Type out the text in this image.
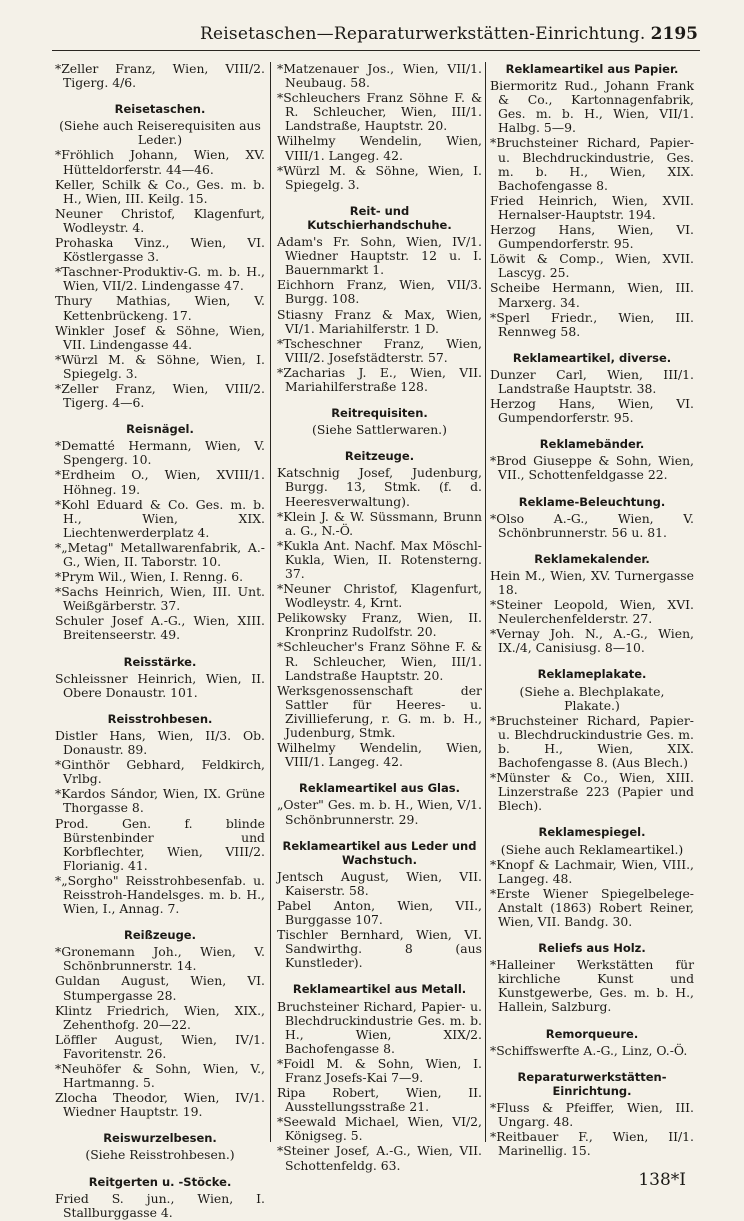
Reisetaschen—Reparaturwerkstätten-Einrichtung. 2195
*Zeller Franz, Wien, VIII/2. Tigerg. 4/6.
Reisetaschen.
(Siehe auch Reiserequisiten aus Leder.)
*Fröhlich Johann, Wien, XV. Hütteldorferstr. 44—46.
Keller, Schilk & Co., Ges. m. b. H., Wien, III. Keilg. 15.
Neuner Christof, Klagenfurt, Wodleystr. 4.
Prohaska Vinz., Wien, VI. Köstlergasse 3.
*Taschner-Produktiv-G. m. b. H., Wien, VII/2. Lindengasse 47.
Thury Mathias, Wien, V. Kettenbrückeng. 17.
Winkler Josef & Söhne, Wien, VII. Lindengasse 44.
*Würzl M. & Söhne, Wien, I. Spiegelg. 3.
*Zeller Franz, Wien, VIII/2. Tigerg. 4—6.
Reisnägel.
*Dematté Hermann, Wien, V. Spengerg. 10.
*Erdheim O., Wien, XVIII/1. Höhneg. 19.
*Kohl Eduard & Co. Ges. m. b. H., Wien, XIX. Liechtenwerderplatz 4.
*„Metag" Metallwarenfabrik, A.-G., Wien, II. Taborstr. 10.
*Prym Wil., Wien, I. Renng. 6.
*Sachs Heinrich, Wien, III. Unt. Weißgärberstr. 37.
Schuler Josef A.-G., Wien, XIII. Breitenseerstr. 49.
Reisstärke.
Schleissner Heinrich, Wien, II. Obere Donaustr. 101.
Reisstrohbesen.
Distler Hans, Wien, II/3. Ob. Donaustr. 89.
*Ginthör Gebhard, Feldkirch, Vrlbg.
*Kardos Sándor, Wien, IX. Grüne Thorgasse 8.
Prod. Gen. f. blinde Bürstenbinder und Korbflechter, Wien, VIII/2. Florianig. 41.
*„Sorgho" Reisstrohbesenfab. u. Reisstroh-Handelsges. m. b. H., Wien, I., Annag. 7.
Reißzeuge.
*Gronemann Joh., Wien, V. Schönbrunnerstr. 14.
Guldan August, Wien, VI. Stumpergasse 28.
Klintz Friedrich, Wien, XIX., Zehenthofg. 20—22.
Löffler August, Wien, IV/1. Favoritenstr. 26.
*Neuhöfer & Sohn, Wien, V., Hartmanng. 5.
Zlocha Theodor, Wien, IV/1. Wiedner Hauptstr. 19.
Reiswurzelbesen.
(Siehe Reisstrohbesen.)
Reitgerten u. -Stöcke.
Fried S. jun., Wien, I. Stallburggasse 4.
*Matzenauer Jos., Wien, VII/1. Neubaug. 58.
*Schleuchers Franz Söhne F. & R. Schleucher, Wien, III/1. Landstraße, Hauptstr. 20.
Wilhelmy Wendelin, Wien, VIII/1. Langeg. 42.
*Würzl M. & Söhne, Wien, I. Spiegelg. 3.
Reit- und Kutschierhandschuhe.
Adam's Fr. Sohn, Wien, IV/1. Wiedner Hauptstr. 12 u. I. Bauernmarkt 1.
Eichhorn Franz, Wien, VII/3. Burgg. 108.
Stiasny Franz & Max, Wien, VI/1. Mariahilferstr. 1 D.
*Tscheschner Franz, Wien, VIII/2. Josefstädterstr. 57.
*Zacharias J. E., Wien, VII. Mariahilferstraße 128.
Reitrequisiten.
(Siehe Sattlerwaren.)
Reitzeuge.
Katschnig Josef, Judenburg, Burgg. 13, Stmk. (f. d. Heeresverwaltung).
*Klein J. & W. Süssmann, Brunn a. G., N.-Ö.
*Kukla Ant. Nachf. Max Möschl-Kukla, Wien, II. Rotensterng. 37.
*Neuner Christof, Klagenfurt, Wodleystr. 4, Krnt.
Pelikowsky Franz, Wien, II. Kronprinz Rudolfstr. 20.
*Schleucher's Franz Söhne F. & R. Schleucher, Wien, III/1. Landstraße Hauptstr. 20.
Werksgenossenschaft der Sattler für Heeres- u. Zivillieferung, r. G. m. b. H., Judenburg, Stmk.
Wilhelmy Wendelin, Wien, VIII/1. Langeg. 42.
Reklameartikel aus Glas.
„Oster" Ges. m. b. H., Wien, V/1. Schönbrunnerstr. 29.
Reklameartikel aus Leder und Wachstuch.
Jentsch August, Wien, VII. Kaiserstr. 58.
Pabel Anton, Wien, VII., Burggasse 107.
Tischler Bernhard, Wien, VI. Sandwirthg. 8 (aus Kunstleder).
Reklameartikel aus Metall.
Bruchsteiner Richard, Papier- u. Blechdruckindustrie Ges. m. b. H., Wien, XIX/2. Bachofengasse 8.
*Foidl M. & Sohn, Wien, I. Franz Josefs-Kai 7—9.
Ripa Robert, Wien, II. Ausstellungsstraße 21.
*Seewald Michael, Wien, VI/2, Königseg. 5.
*Steiner Josef, A.-G., Wien, VII. Schottenfeldg. 63.
Reklameartikel aus Papier.
Biermoritz Rud., Johann Frank & Co., Kartonnagenfabrik, Ges. m. b. H., Wien, VII/1. Halbg. 5—9.
*Bruchsteiner Richard, Papier- u. Blechdruckindustrie, Ges. m. b. H., Wien, XIX. Bachofengasse 8.
Fried Heinrich, Wien, XVII. Hernalser-Hauptstr. 194.
Herzog Hans, Wien, VI. Gumpendorferstr. 95.
Löwit & Comp., Wien, XVII. Lascyg. 25.
Scheibe Hermann, Wien, III. Marxerg. 34.
*Sperl Friedr., Wien, III. Rennweg 58.
Reklameartikel, diverse.
Dunzer Carl, Wien, III/1. Landstraße Hauptstr. 38.
Herzog Hans, Wien, VI. Gumpendorferstr. 95.
Reklamebänder.
*Brod Giuseppe & Sohn, Wien, VII., Schottenfeldgasse 22.
Reklame-Beleuchtung.
*Olso A.-G., Wien, V. Schönbrunnerstr. 56 u. 81.
Reklamekalender.
Hein M., Wien, XV. Turnergasse 18.
*Steiner Leopold, Wien, XVI. Neulerchenfelderstr. 27.
*Vernay Joh. N., A.-G., Wien, IX./4, Canisiusg. 8—10.
Reklameplakate.
(Siehe a. Blechplakate, Plakate.)
*Bruchsteiner Richard, Papier- u. Blechdruckindustrie Ges. m. b. H., Wien, XIX. Bachofengasse 8. (Aus Blech.)
*Münster & Co., Wien, XIII. Linzerstraße 223 (Papier und Blech).
Reklamespiegel.
(Siehe auch Reklameartikel.)
*Knopf & Lachmair, Wien, VIII., Langeg. 48.
*Erste Wiener Spiegelbelege-Anstalt (1863) Robert Reiner, Wien, VII. Bandg. 30.
Reliefs aus Holz.
*Halleiner Werkstätten für kirchliche Kunst und Kunstgewerbe, Ges. m. b. H., Hallein, Salzburg.
Remorqueure.
*Schiffswerfte A.-G., Linz, O.-Ö.
Reparaturwerkstätten-Einrichtung.
*Fluss & Pfeiffer, Wien, III. Ungarg. 48.
*Reitbauer F., Wien, II/1. Marinellig. 15.
138*I
